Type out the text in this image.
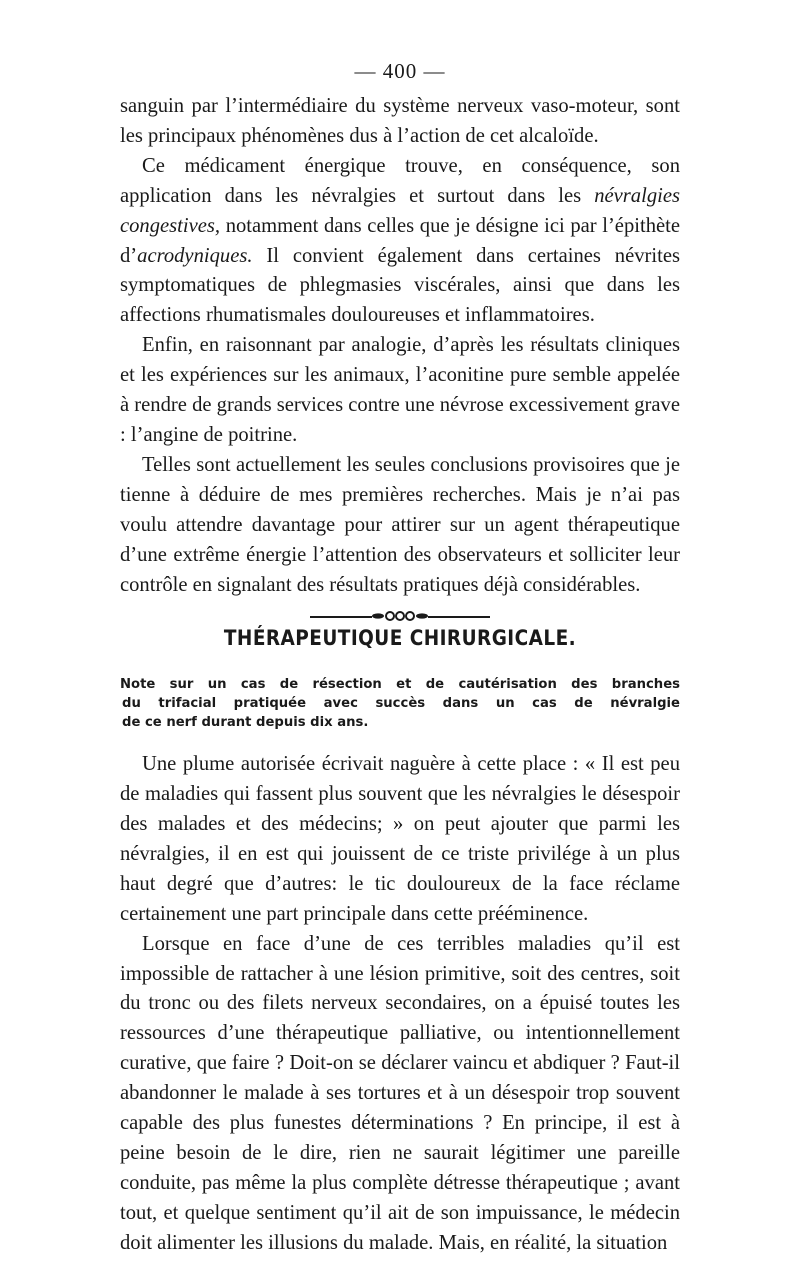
— 400 —

sanguin par l’intermédiaire du système nerveux vaso-moteur, sont les principaux phénomènes dus à l’action de cet alcaloïde.

Ce médicament énergique trouve, en conséquence, son application dans les névralgies et surtout dans les névralgies congestives, notamment dans celles que je désigne ici par l’épithète d’acrodyniques. Il convient également dans certaines névrites symptomatiques de phlegmasies viscérales, ainsi que dans les affections rhumatismales douloureuses et inflammatoires.

Enfin, en raisonnant par analogie, d’après les résultats cliniques et les expériences sur les animaux, l’aconitine pure semble appelée à rendre de grands services contre une névrose excessivement grave : l’angine de poitrine.

Telles sont actuellement les seules conclusions provisoires que je tienne à déduire de mes premières recherches. Mais je n’ai pas voulu attendre davantage pour attirer sur un agent thérapeutique d’une extrême énergie l’attention des observateurs et solliciter leur contrôle en signalant des résultats pratiques déjà considérables.

THÉRAPEUTIQUE CHIRURGICALE.
Note sur un cas de résection et de cautérisation des branches
du trifacial pratiquée avec succès dans un cas de névralgie
de ce nerf durant depuis dix ans.

Une plume autorisée écrivait naguère à cette place : « Il est peu de maladies qui fassent plus souvent que les névralgies le désespoir des malades et des médecins; » on peut ajouter que parmi les névralgies, il en est qui jouissent de ce triste privilége à un plus haut degré que d’autres: le tic douloureux de la face réclame certainement une part principale dans cette prééminence.

Lorsque en face d’une de ces terribles maladies qu’il est impossible de rattacher à une lésion primitive, soit des centres, soit du tronc ou des filets nerveux secondaires, on a épuisé toutes les ressources d’une thérapeutique palliative, ou intentionnellement curative, que faire ? Doit-on se déclarer vaincu et abdiquer ? Faut-il abandonner le malade à ses tortures et à un désespoir trop souvent capable des plus funestes déterminations ? En principe, il est à peine besoin de le dire, rien ne saurait légitimer une pareille conduite, pas même la plus complète détresse thérapeutique ; avant tout, et quelque sentiment qu’il ait de son impuissance, le médecin doit alimenter les illusions du malade. Mais, en réalité, la situation
